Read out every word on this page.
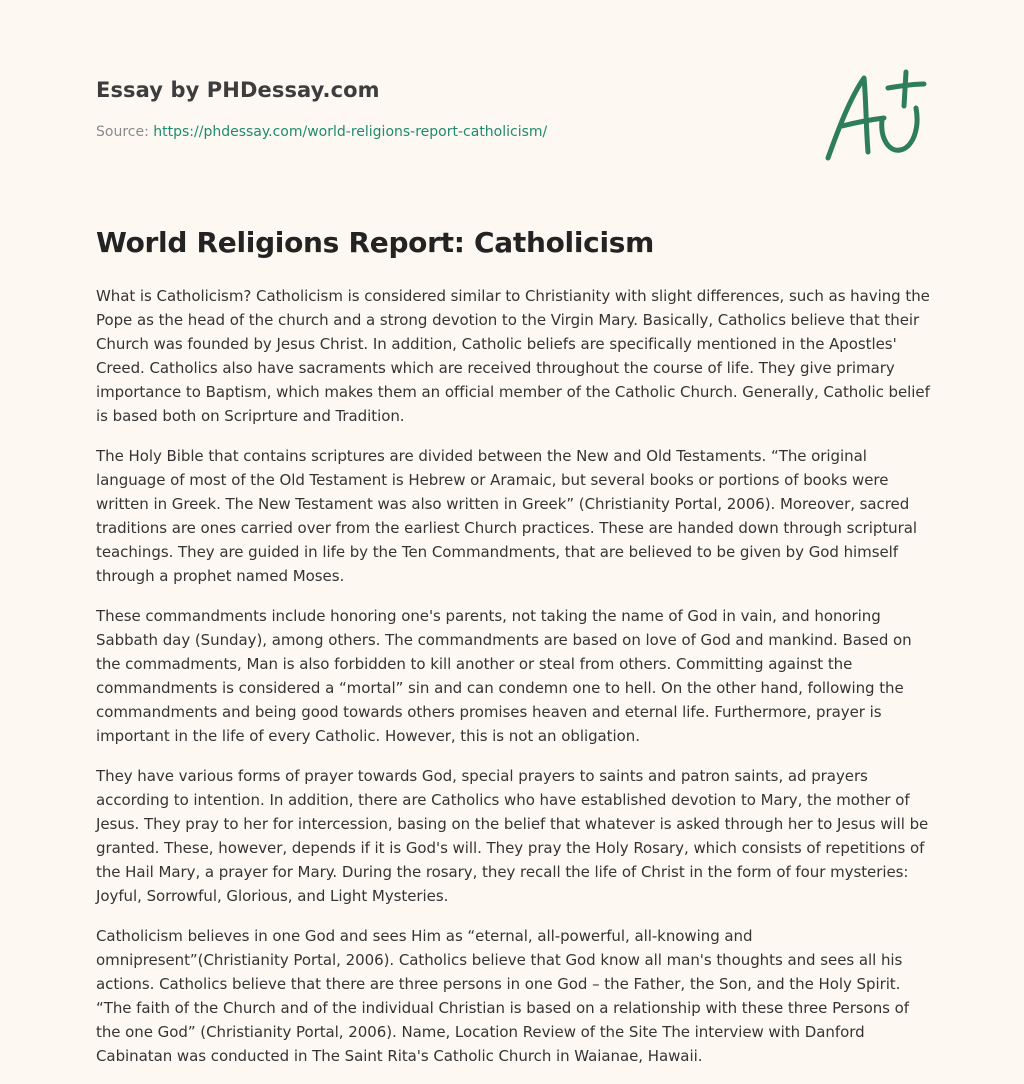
Essay by PHDessay.com
Source: https://phdessay.com/world-religions-report-catholicism/
World Religions Report: Catholicism

What is Catholicism? Catholicism is considered similar to Christianity with slight differences, such as having the Pope as the head of the church and a strong devotion to the Virgin Mary. Basically, Catholics believe that their Church was founded by Jesus Christ. In addition, Catholic beliefs are specifically mentioned in the Apostles' Creed. Catholics also have sacraments which are received throughout the course of life. They give primary importance to Baptism, which makes them an official member of the Catholic Church. Generally, Catholic belief is based both on Scriprture and Tradition.

The Holy Bible that contains scriptures are divided between the New and Old Testaments. “The original language of most of the Old Testament is Hebrew or Aramaic, but several books or portions of books were written in Greek. The New Testament was also written in Greek” (Christianity Portal, 2006). Moreover, sacred traditions are ones carried over from the earliest Church practices. These are handed down through scriptural teachings. They are guided in life by the Ten Commandments, that are believed to be given by God himself through a prophet named Moses.

These commandments include honoring one's parents, not taking the name of God in vain, and honoring Sabbath day (Sunday), among others. The commandments are based on love of God and mankind. Based on the commadments, Man is also forbidden to kill another or steal from others. Committing against the commandments is considered a “mortal” sin and can condemn one to hell. On the other hand, following the commandments and being good towards others promises heaven and eternal life. Furthermore, prayer is important in the life of every Catholic. However, this is not an obligation.

They have various forms of prayer towards God, special prayers to saints and patron saints, ad prayers according to intention. In addition, there are Catholics who have established devotion to Mary, the mother of Jesus. They pray to her for intercession, basing on the belief that whatever is asked through her to Jesus will be granted. These, however, depends if it is God's will. They pray the Holy Rosary, which consists of repetitions of the Hail Mary, a prayer for Mary. During the rosary, they recall the life of Christ in the form of four mysteries: Joyful, Sorrowful, Glorious, and Light Mysteries.

Catholicism believes in one God and sees Him as “eternal, all-powerful, all-knowing and omnipresent”(Christianity Portal, 2006). Catholics believe that God know all man's thoughts and sees all his actions. Catholics believe that there are three persons in one God – the Father, the Son, and the Holy Spirit. “The faith of the Church and of the individual Christian is based on a relationship with these three Persons of the one God” (Christianity Portal, 2006). Name, Location Review of the Site The interview with Danford Cabinatan was conducted in The Saint Rita's Catholic Church in Waianae, Hawaii.
